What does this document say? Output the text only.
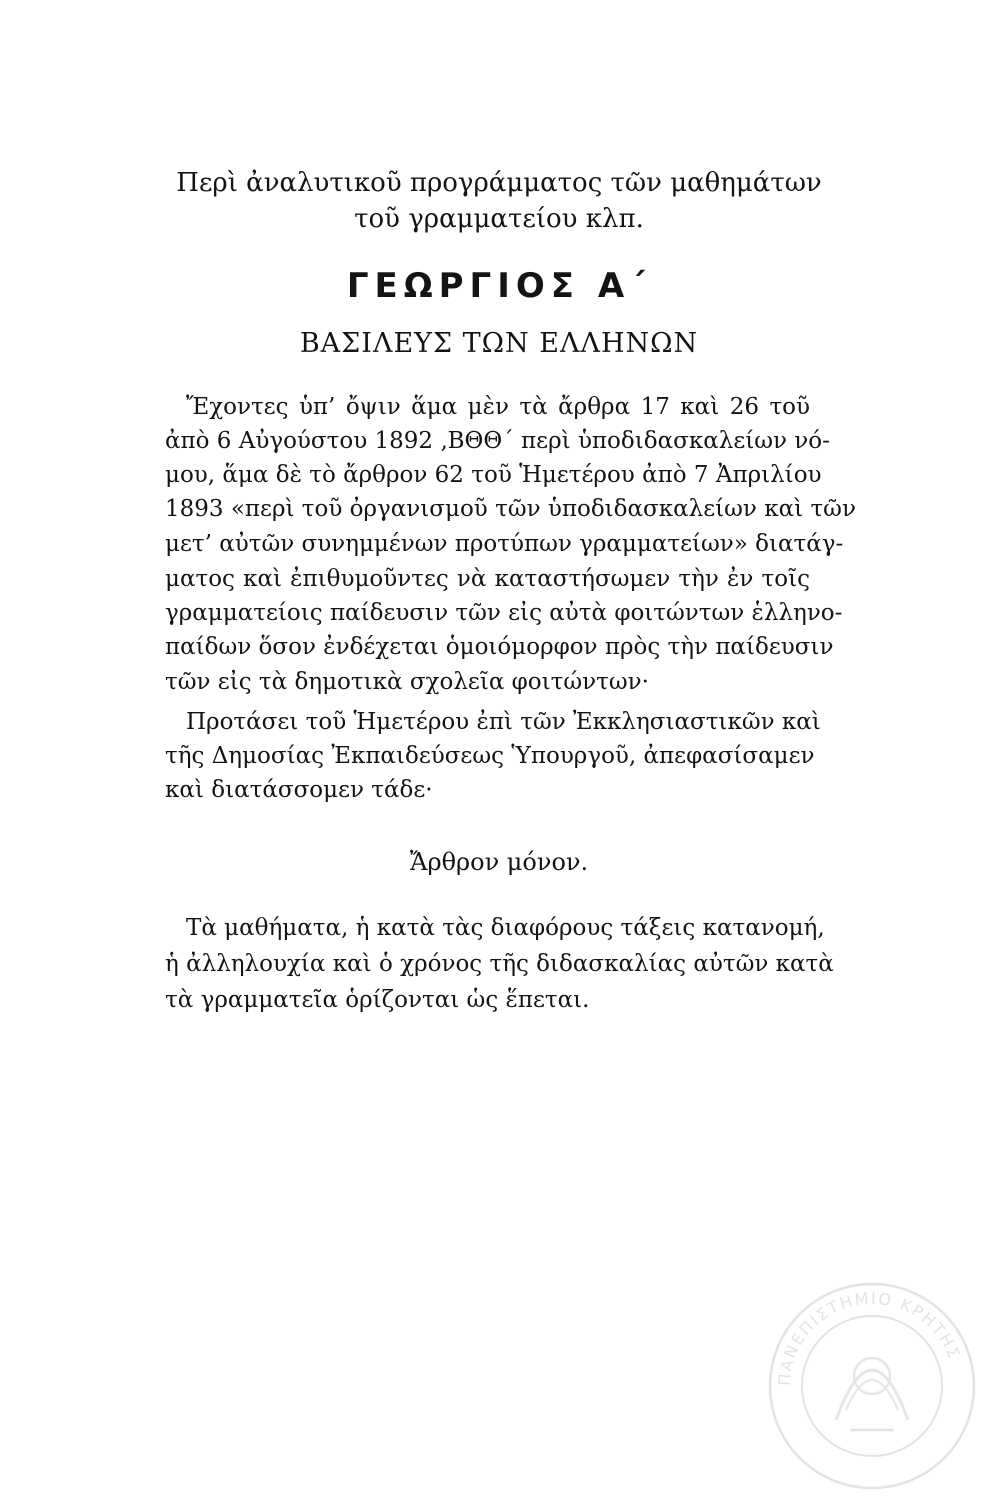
Περὶ ἀναλυτικοῦ προγράμματος τῶν μαθημάτων
τοῦ γραμματείου κλπ.
ΓΕΩΡΓΙΟΣ Α΄
ΒΑΣΙΛΕΥΣ ΤΩΝ ΕΛΛΗΝΩΝ
Ἔχοντες ὑπ’ ὄψιν ἅμα μὲν τὰ ἄρθρα 17 καὶ 26 τοῦ
ἀπὸ 6 Αὐγούστου 1892 ‚ΒΘΘ΄ περὶ ὑποδιδασκαλείων νό-
μου, ἅμα δὲ τὸ ἄρθρον 62 τοῦ Ἡμετέρου ἀπὸ 7 Ἀπριλίου
1893 «περὶ τοῦ ὀργανισμοῦ τῶν ὑποδιδασκαλείων καὶ τῶν
μετ’ αὐτῶν συνημμένων προτύπων γραμματείων» διατάγ-
ματος καὶ ἐπιθυμοῦντες νὰ καταστήσωμεν τὴν ἐν τοῖς
γραμματείοις παίδευσιν τῶν εἰς αὐτὰ φοιτώντων ἑλληνο-
παίδων ὅσον ἐνδέχεται ὁμοιόμορφον πρὸς τὴν παίδευσιν
τῶν εἰς τὰ δημοτικὰ σχολεῖα φοιτώντων·
Προτάσει τοῦ Ἡμετέρου ἐπὶ τῶν Ἐκκλησιαστικῶν καὶ
τῆς Δημοσίας Ἐκπαιδεύσεως Ὑπουργοῦ, ἀπεφασίσαμεν
καὶ διατάσσομεν τάδε·
Ἄρθρον μόνον.
Τὰ μαθήματα, ἡ κατὰ τὰς διαφόρους τάξεις κατανομή,
ἡ ἀλληλουχία καὶ ὁ χρόνος τῆς διδασκαλίας αὐτῶν κατὰ
τὰ γραμματεῖα ὁρίζονται ὡς ἕπεται.
ΠΑΝΕΠΙΣΤΗΜΙΟ ΚΡΗΤΗΣ
